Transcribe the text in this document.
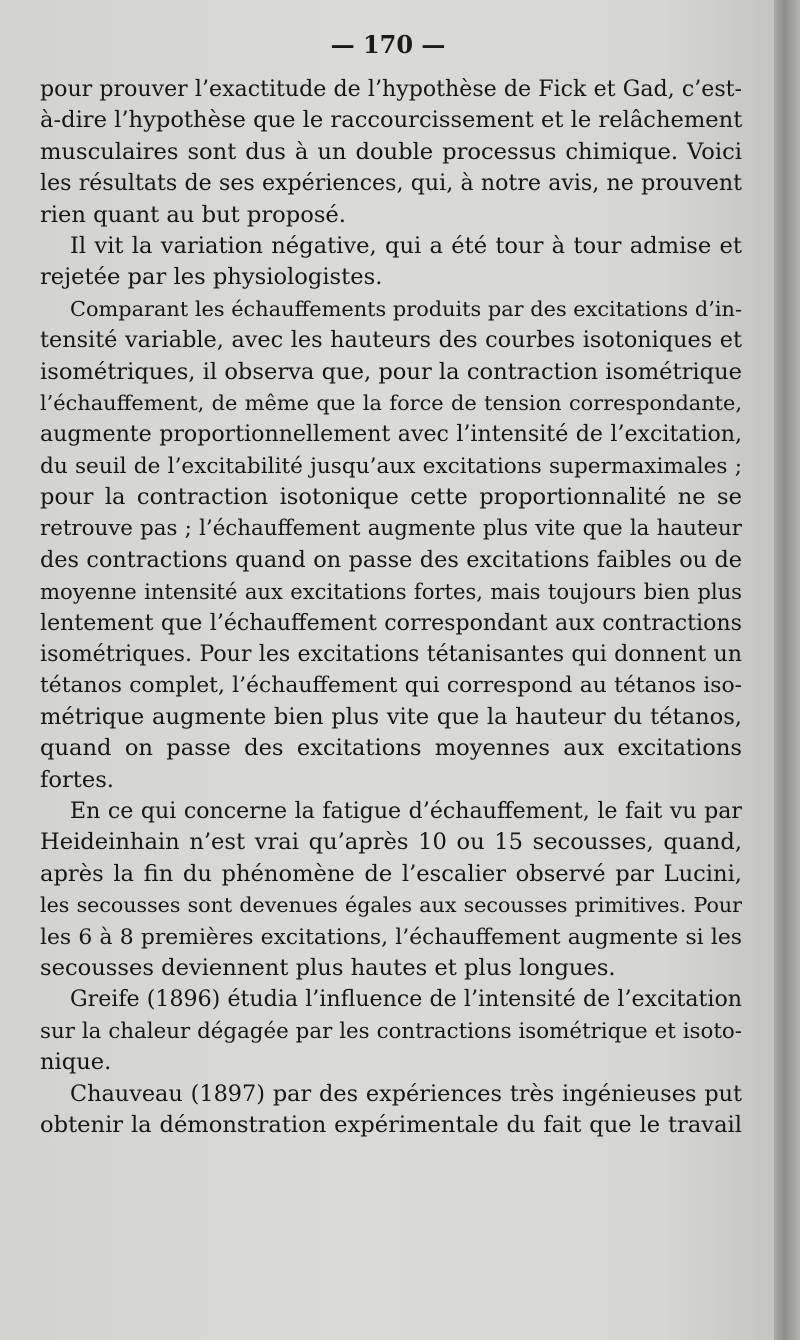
— 170 —

pour prouver l’exactitude de l’hypothèse de Fick et Gad, c’est-
à-dire l’hypothèse que le raccourcissement et le relâchement
musculaires sont dus à un double processus chimique. Voici
les résultats de ses expériences, qui, à notre avis, ne prouvent
rien quant au but proposé.

Il vit la variation négative, qui a été tour à tour admise et
rejetée par les physiologistes.

Comparant les échauffements produits par des excitations d’in-
tensité variable, avec les hauteurs des courbes isotoniques et
isométriques, il observa que, pour la contraction isométrique
l’échauffement, de même que la force de tension correspondante,
augmente proportionnellement avec l’intensité de l’excitation,
du seuil de l’excitabilité jusqu’aux excitations supermaximales ;
pour la contraction isotonique cette proportionnalité ne se
retrouve pas ; l’échauffement augmente plus vite que la hauteur
des contractions quand on passe des excitations faibles ou de
moyenne intensité aux excitations fortes, mais toujours bien plus
lentement que l’échauffement correspondant aux contractions
isométriques. Pour les excitations tétanisantes qui donnent un
tétanos complet, l’échauffement qui correspond au tétanos iso-
métrique augmente bien plus vite que la hauteur du tétanos,
quand on passe des excitations moyennes aux excitations
fortes.

En ce qui concerne la fatigue d’échauffement, le fait vu par
Heideinhain n’est vrai qu’après 10 ou 15 secousses, quand,
après la fin du phénomène de l’escalier observé par Lucini,
les secousses sont devenues égales aux secousses primitives. Pour
les 6 à 8 premières excitations, l’échauffement augmente si les
secousses deviennent plus hautes et plus longues.

Greife (1896) étudia l’influence de l’intensité de l’excitation
sur la chaleur dégagée par les contractions isométrique et isoto-
nique.

Chauveau (1897) par des expériences très ingénieuses put
obtenir la démonstration expérimentale du fait que le travail
